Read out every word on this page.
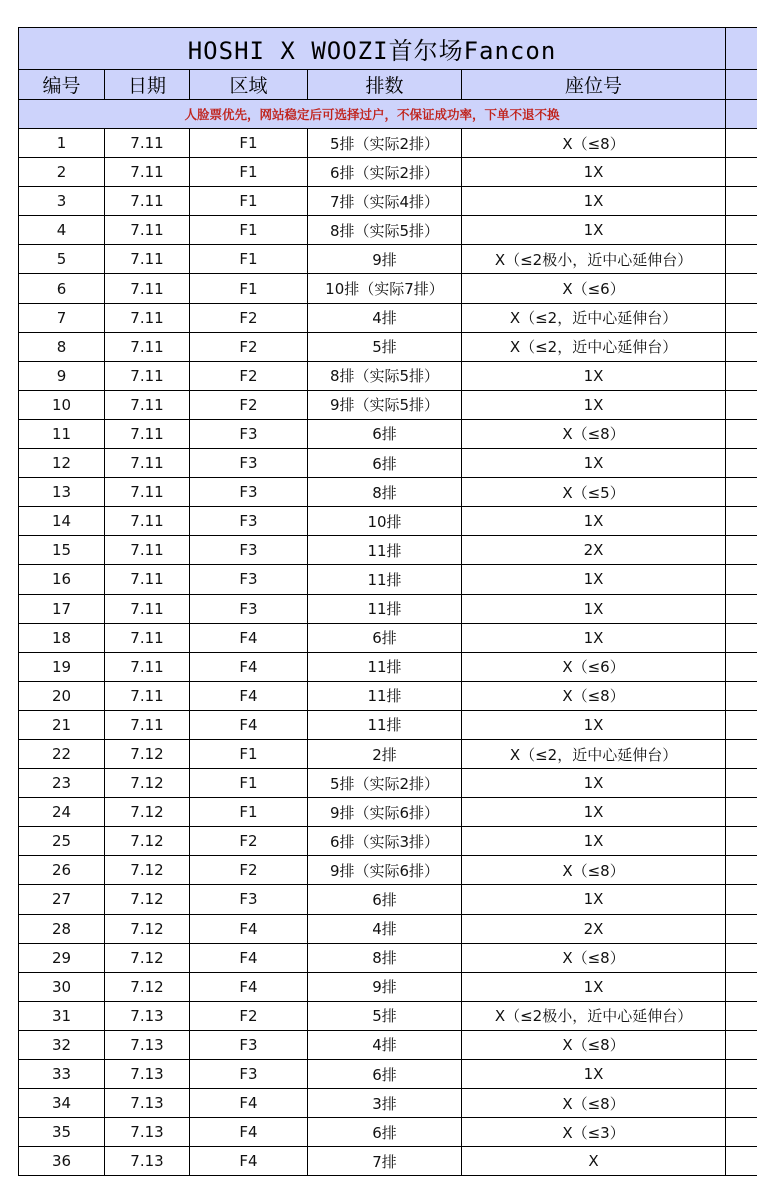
HOSHI X WOOZI首尔场Fancon					
编号	日期	区域	排数	座位号	
人脸票优先，网站稳定后可选择过户，不保证成功率，下单不退不换					
1	7.11	F1	5排（实际2排）	X（≤8）	
2	7.11	F1	6排（实际2排）	1X	
3	7.11	F1	7排（实际4排）	1X	
4	7.11	F1	8排（实际5排）	1X	
5	7.11	F1	9排	X（≤2极小，近中心延伸台）	
6	7.11	F1	10排（实际7排）	X（≤6）	
7	7.11	F2	4排	X（≤2，近中心延伸台）	
8	7.11	F2	5排	X（≤2，近中心延伸台）	
9	7.11	F2	8排（实际5排）	1X	
10	7.11	F2	9排（实际5排）	1X	
11	7.11	F3	6排	X（≤8）	
12	7.11	F3	6排	1X	
13	7.11	F3	8排	X（≤5）	
14	7.11	F3	10排	1X	
15	7.11	F3	11排	2X	
16	7.11	F3	11排	1X	
17	7.11	F3	11排	1X	
18	7.11	F4	6排	1X	
19	7.11	F4	11排	X（≤6）	
20	7.11	F4	11排	X（≤8）	
21	7.11	F4	11排	1X	
22	7.12	F1	2排	X（≤2，近中心延伸台）	
23	7.12	F1	5排（实际2排）	1X	
24	7.12	F1	9排（实际6排）	1X	
25	7.12	F2	6排（实际3排）	1X	
26	7.12	F2	9排（实际6排）	X（≤8）	
27	7.12	F3	6排	1X	
28	7.12	F4	4排	2X	
29	7.12	F4	8排	X（≤8）	
30	7.12	F4	9排	1X	
31	7.13	F2	5排	X（≤2极小，近中心延伸台）	
32	7.13	F3	4排	X（≤8）	
33	7.13	F3	6排	1X	
34	7.13	F4	3排	X（≤8）	
35	7.13	F4	6排	X（≤3）	
36	7.13	F4	7排	X	
